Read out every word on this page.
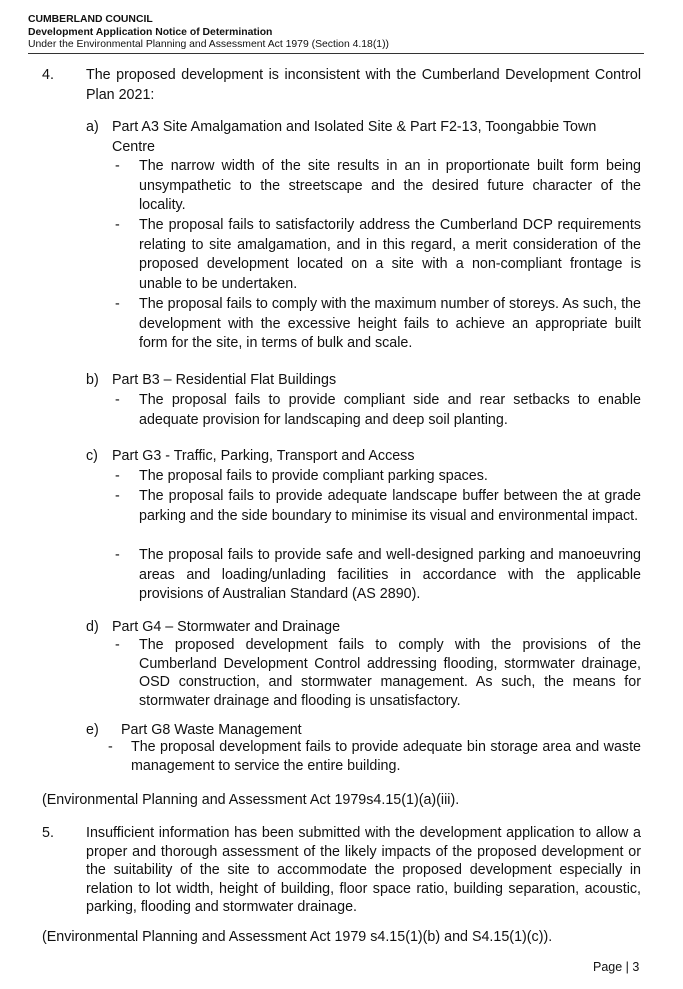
CUMBERLAND COUNCIL
Development Application Notice of Determination
Under the Environmental Planning and Assessment Act 1979 (Section 4.18(1))
4. The proposed development is inconsistent with the Cumberland Development Control Plan 2021:
a) Part A3 Site Amalgamation and Isolated Site & Part F2-13, Toongabbie Town Centre
- The narrow width of the site results in an in proportionate built form being unsympathetic to the streetscape and the desired future character of the locality.
- The proposal fails to satisfactorily address the Cumberland DCP requirements relating to site amalgamation, and in this regard, a merit consideration of the proposed development located on a site with a non-compliant frontage is unable to be undertaken.
- The proposal fails to comply with the maximum number of storeys. As such, the development with the excessive height fails to achieve an appropriate built form for the site, in terms of bulk and scale.
b) Part B3 – Residential Flat Buildings
- The proposal fails to provide compliant side and rear setbacks to enable adequate provision for landscaping and deep soil planting.
c) Part G3 - Traffic, Parking, Transport and Access
- The proposal fails to provide compliant parking spaces.
- The proposal fails to provide adequate landscape buffer between the at grade parking and the side boundary to minimise its visual and environmental impact.
- The proposal fails to provide safe and well-designed parking and manoeuvring areas and loading/unlading facilities in accordance with the applicable provisions of Australian Standard (AS 2890).
d) Part G4 – Stormwater and Drainage
- The proposed development fails to comply with the provisions of the Cumberland Development Control addressing flooding, stormwater drainage, OSD construction, and stormwater management. As such, the means for stormwater drainage and flooding is unsatisfactory.
e) Part G8 Waste Management
- The proposal development fails to provide adequate bin storage area and waste management to service the entire building.
(Environmental Planning and Assessment Act 1979s4.15(1)(a)(iii).
5. Insufficient information has been submitted with the development application to allow a proper and thorough assessment of the likely impacts of the proposed development or the suitability of the site to accommodate the proposed development especially in relation to lot width, height of building, floor space ratio, building separation, acoustic, parking, flooding and stormwater drainage.
(Environmental Planning and Assessment Act 1979 s4.15(1)(b) and S4.15(1)(c)).
Page | 3
